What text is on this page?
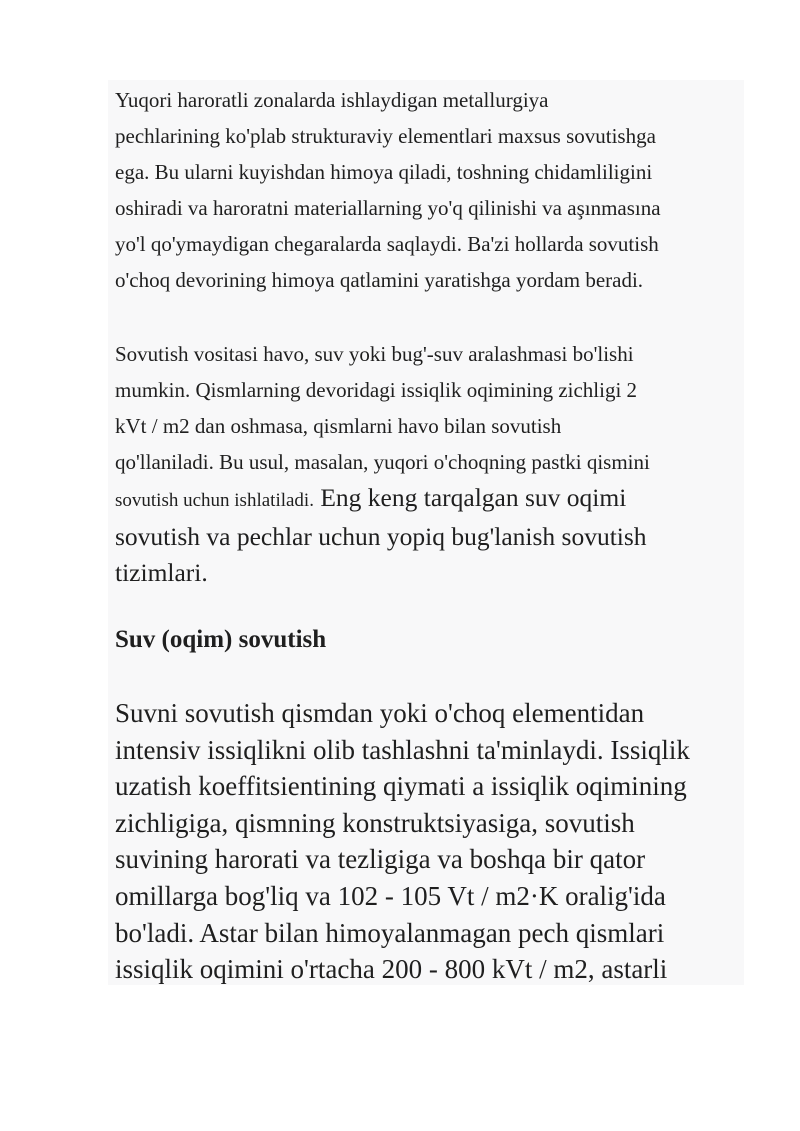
Yuqori haroratli zonalarda ishlaydigan metallurgiya
pechlarining ko'plab strukturaviy elementlari maxsus sovutishga
ega. Bu ularni kuyishdan himoya qiladi, toshning chidamliligini
oshiradi va haroratni materiallarning yo'q qilinishi va aşınmasına
yo'l qo'ymaydigan chegaralarda saqlaydi. Ba'zi hollarda sovutish
o'choq devorining himoya qatlamini yaratishga yordam beradi.
Sovutish vositasi havo, suv yoki bug'-suv aralashmasi bo'lishi
mumkin. Qismlarning devoridagi issiqlik oqimining zichligi 2
kVt / m2 dan oshmasa, qismlarni havo bilan sovutish
qo'llaniladi. Bu usul, masalan, yuqori o'choqning pastki qismini
sovutish uchun ishlatiladi. Eng keng tarqalgan suv oqimi
sovutish va pechlar uchun yopiq bug'lanish sovutish
tizimlari.
Suv (oqim) sovutish
Suvni sovutish qismdan yoki o'choq elementidan
intensiv issiqlikni olib tashlashni ta'minlaydi. Issiqlik
uzatish koeffitsientining qiymati a issiqlik oqimining
zichligiga, qismning konstruktsiyasiga, sovutish
suvining harorati va tezligiga va boshqa bir qator
omillarga bog'liq va 102 - 105 Vt / m2·K oralig'ida
bo'ladi. Astar bilan himoyalanmagan pech qismlari
issiqlik oqimini o'rtacha 200 - 800 kVt / m2, astarli
